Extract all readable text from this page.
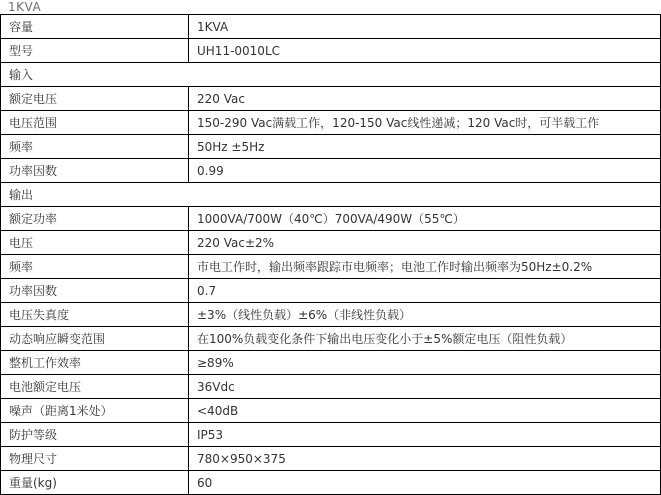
1KVA
容量	1KVA
型号	UH11-0010LC
输入	
额定电压	220 Vac
电压范围	150-290 Vac满载工作，120-150 Vac线性递减；120 Vac时，可半载工作
频率	50Hz ±5Hz
功率因数	0.99
输出	
额定功率	1000VA/700W（40℃）700VA/490W（55℃）
电压	220 Vac±2%
频率	市电工作时，输出频率跟踪市电频率；电池工作时输出频率为50Hz±0.2%
功率因数	0.7
电压失真度	±3%（线性负载）±6%（非线性负载）
动态响应瞬变范围	在100%负载变化条件下输出电压变化小于±5%额定电压（阻性负载）
整机工作效率	≥89%
电池额定电压	36Vdc
噪声（距离1米处）	<40dB
防护等级	IP53
物理尺寸	780×950×375
重量(kg)	60
